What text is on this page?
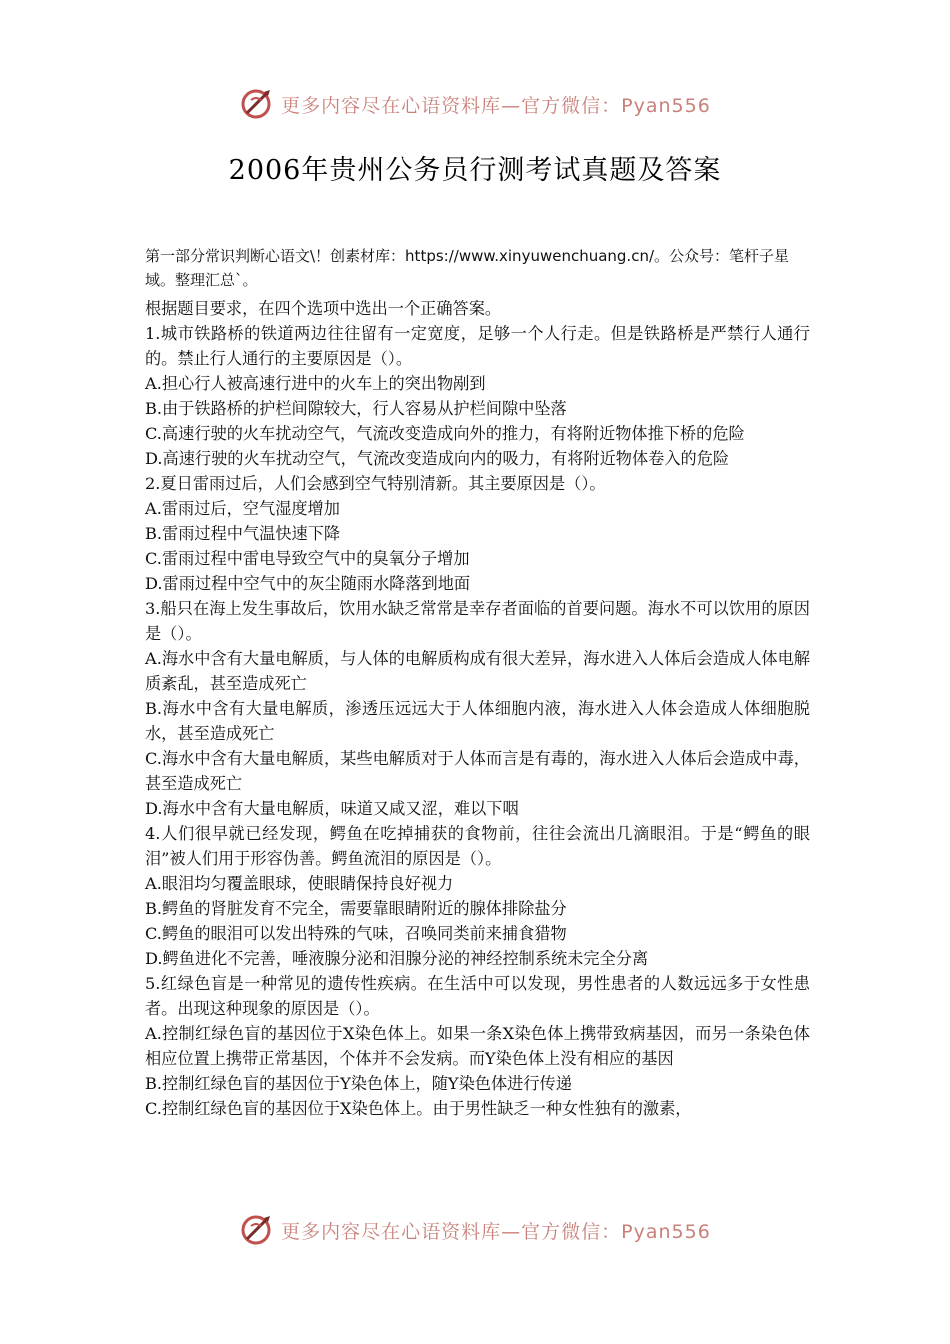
更多内容尽在心语资料库—官方微信：Pyan556
2006年贵州公务员行测考试真题及答案

第一部分常识判断心语文\！创素材库：https://www.xinyuwenchuang.cn/。公众号：笔杆子星域。整理汇总`。

根据题目要求，在四个选项中选出一个正确答案。

1.城市铁路桥的铁道两边往往留有一定宽度，足够一个人行走。但是铁路桥是严禁行人通行的。禁止行人通行的主要原因是（）。

A.担心行人被高速行进中的火车上的突出物剐到

B.由于铁路桥的护栏间隙较大，行人容易从护栏间隙中坠落

C.高速行驶的火车扰动空气，气流改变造成向外的推力，有将附近物体推下桥的危险

D.高速行驶的火车扰动空气，气流改变造成向内的吸力，有将附近物体卷入的危险

2.夏日雷雨过后，人们会感到空气特别清新。其主要原因是（）。

A.雷雨过后，空气湿度增加

B.雷雨过程中气温快速下降

C.雷雨过程中雷电导致空气中的臭氧分子增加

D.雷雨过程中空气中的灰尘随雨水降落到地面

3.船只在海上发生事故后，饮用水缺乏常常是幸存者面临的首要问题。海水不可以饮用的原因是（）。

A.海水中含有大量电解质，与人体的电解质构成有很大差异，海水进入人体后会造成人体电解质紊乱，甚至造成死亡

B.海水中含有大量电解质，渗透压远远大于人体细胞内液，海水进入人体会造成人体细胞脱水，甚至造成死亡

C.海水中含有大量电解质，某些电解质对于人体而言是有毒的，海水进入人体后会造成中毒，甚至造成死亡

D.海水中含有大量电解质，味道又咸又涩，难以下咽

4.人们很早就已经发现，鳄鱼在吃掉捕获的食物前，往往会流出几滴眼泪。于是“鳄鱼的眼泪”被人们用于形容伪善。鳄鱼流泪的原因是（）。

A.眼泪均匀覆盖眼球，使眼睛保持良好视力

B.鳄鱼的肾脏发育不完全，需要靠眼睛附近的腺体排除盐分

C.鳄鱼的眼泪可以发出特殊的气味，召唤同类前来捕食猎物

D.鳄鱼进化不完善，唾液腺分泌和泪腺分泌的神经控制系统未完全分离

5.红绿色盲是一种常见的遗传性疾病。在生活中可以发现，男性患者的人数远远多于女性患者。出现这种现象的原因是（）。

A.控制红绿色盲的基因位于X染色体上。如果一条X染色体上携带致病基因，而另一条染色体相应位置上携带正常基因，个体并不会发病。而Y染色体上没有相应的基因

B.控制红绿色盲的基因位于Y染色体上，随Y染色体进行传递

C.控制红绿色盲的基因位于X染色体上。由于男性缺乏一种女性独有的激素，

更多内容尽在心语资料库—官方微信：Pyan556
